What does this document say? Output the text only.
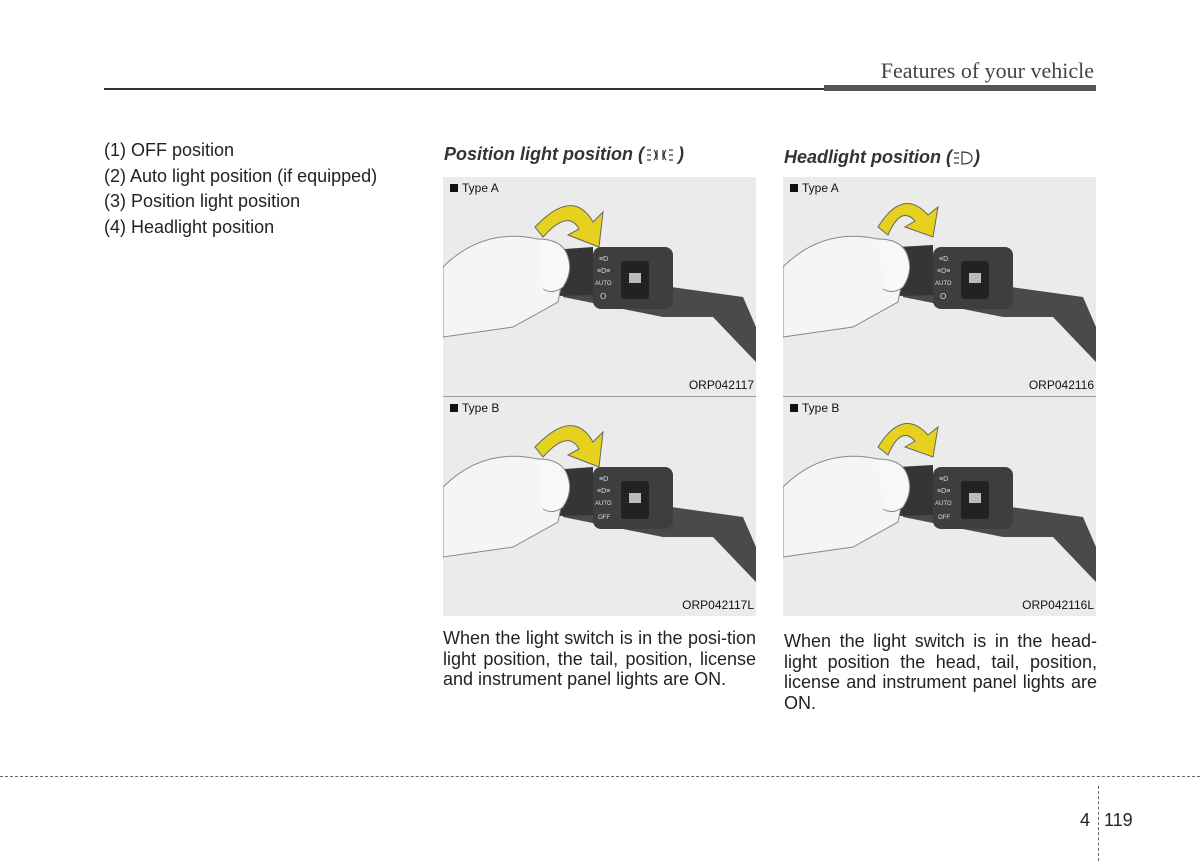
Features of your vehicle
(1) OFF position
(2) Auto light position (if equipped)
(3) Position light position
(4) Headlight position
Position light position ( )
≡D
≡D≡
AUTO
O
Type A
ORP042117
≡D
≡D≡
AUTO
OFF
Type B
ORP042117L
When the light switch is in the posi-tion light position, the tail, position, license and instrument panel lights are ON.
Headlight position ( )
≡D
≡D≡
AUTO
O
Type A
ORP042116
≡D
≡D≡
AUTO
OFF
Type B
ORP042116L
When the light switch is in the head-light position the head, tail, position, license and instrument panel lights are ON.
4 119
